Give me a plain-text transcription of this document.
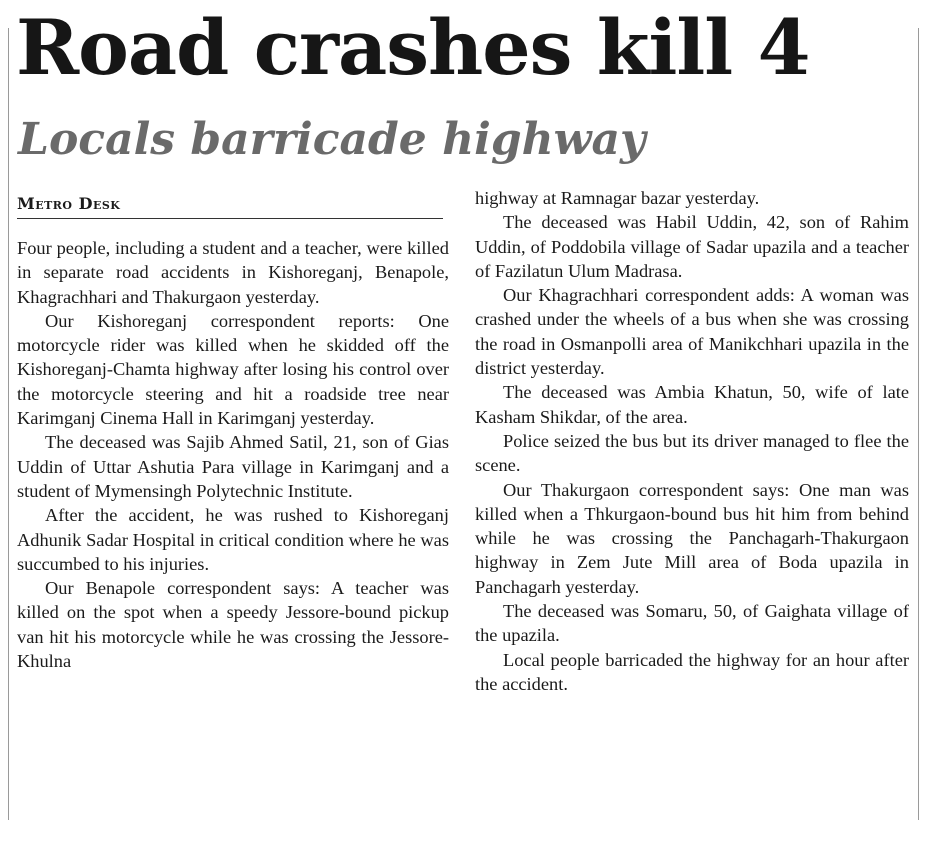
Road crashes kill 4
Locals barricade highway
Metro Desk

Four people, including a student and a teacher, were killed in separate road accidents in Kishoreganj, Benapole, Khagrachhari and Thakurgaon yesterday.

Our Kishoreganj correspondent reports: One motorcycle rider was killed when he skidded off the Kishoreganj-Chamta highway after losing his control over the motorcycle steering and hit a roadside tree near Karimganj Cinema Hall in Karimganj yesterday.

The deceased was Sajib Ahmed Satil, 21, son of Gias Uddin of Uttar Ashutia Para village in Karimganj and a student of Mymensingh Polytechnic Institute.

After the accident, he was rushed to Kishoreganj Adhunik Sadar Hospital in critical condition where he was succumbed to his injuries.

Our Benapole correspondent says: A teacher was killed on the spot when a speedy Jessore-bound pickup van hit his motorcycle while he was crossing the Jessore-Khulna

highway at Ramnagar bazar yesterday.

The deceased was Habil Uddin, 42, son of Rahim Uddin, of Poddobila village of Sadar upazila and a teacher of Fazilatun Ulum Madrasa.

Our Khagrachhari correspondent adds: A woman was crashed under the wheels of a bus when she was crossing the road in Osmanpolli area of Manikchhari upazila in the district yesterday.

The deceased was Ambia Khatun, 50, wife of late Kasham Shikdar, of the area.

Police seized the bus but its driver managed to flee the scene.

Our Thakurgaon correspondent says: One man was killed when a Thkurgaon-bound bus hit him from behind while he was crossing the Panchagarh-Thakurgaon highway in Zem Jute Mill area of Boda upazila in Panchagarh yesterday.

The deceased was Somaru, 50, of Gaighata village of the upazila.

Local people barricaded the highway for an hour after the accident.
